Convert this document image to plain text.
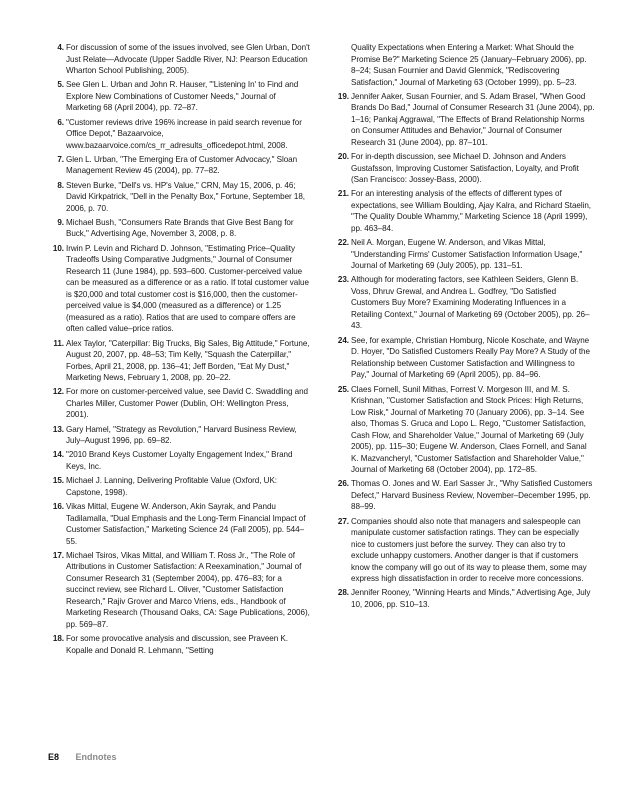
4. For discussion of some of the issues involved, see Glen Urban, Don't Just Relate—Advocate (Upper Saddle River, NJ: Pearson Education Wharton School Publishing, 2005).
5. See Glen L. Urban and John R. Hauser, "'Listening In' to Find and Explore New Combinations of Customer Needs," Journal of Marketing 68 (April 2004), pp. 72–87.
6. "Customer reviews drive 196% increase in paid search revenue for Office Depot," Bazaarvoice, www.bazaarvoice.com/cs_rr_adresults_officedepot.html, 2008.
7. Glen L. Urban, "The Emerging Era of Customer Advocacy," Sloan Management Review 45 (2004), pp. 77–82.
8. Steven Burke, "Dell's vs. HP's Value," CRN, May 15, 2006, p. 46; David Kirkpatrick, "Dell in the Penalty Box," Fortune, September 18, 2006, p. 70.
9. Michael Bush, "Consumers Rate Brands that Give Best Bang for Buck," Advertising Age, November 3, 2008, p. 8.
10. Irwin P. Levin and Richard D. Johnson, "Estimating Price–Quality Tradeoffs Using Comparative Judgments," Journal of Consumer Research 11 (June 1984), pp. 593–600. Customer-perceived value can be measured as a difference or as a ratio. If total customer value is $20,000 and total customer cost is $16,000, then the customer-perceived value is $4,000 (measured as a difference) or 1.25 (measured as a ratio). Ratios that are used to compare offers are often called value–price ratios.
11. Alex Taylor, "Caterpillar: Big Trucks, Big Sales, Big Attitude," Fortune, August 20, 2007, pp. 48–53; Tim Kelly, "Squash the Caterpillar," Forbes, April 21, 2008, pp. 136–41; Jeff Borden, "Eat My Dust," Marketing News, February 1, 2008, pp. 20–22.
12. For more on customer-perceived value, see David C. Swaddling and Charles Miller, Customer Power (Dublin, OH: Wellington Press, 2001).
13. Gary Hamel, "Strategy as Revolution," Harvard Business Review, July–August 1996, pp. 69–82.
14. "2010 Brand Keys Customer Loyalty Engagement Index," Brand Keys, Inc.
15. Michael J. Lanning, Delivering Profitable Value (Oxford, UK: Capstone, 1998).
16. Vikas Mittal, Eugene W. Anderson, Akin Sayrak, and Pandu Tadilamalla, "Dual Emphasis and the Long-Term Financial Impact of Customer Satisfaction," Marketing Science 24 (Fall 2005), pp. 544–55.
17. Michael Tsiros, Vikas Mittal, and William T. Ross Jr., "The Role of Attributions in Customer Satisfaction: A Reexamination," Journal of Consumer Research 31 (September 2004), pp. 476–83; for a succinct review, see Richard L. Oliver, "Customer Satisfaction Research," Rajiv Grover and Marco Vriens, eds., Handbook of Marketing Research (Thousand Oaks, CA: Sage Publications, 2006), pp. 569–87.
18. For some provocative analysis and discussion, see Praveen K. Kopalle and Donald R. Lehmann, "Setting
Quality Expectations when Entering a Market: What Should the Promise Be?" Marketing Science 25 (January–February 2006), pp. 8–24; Susan Fournier and David Glenmick, "Rediscovering Satisfaction," Journal of Marketing 63 (October 1999), pp. 5–23.
19. Jennifer Aaker, Susan Fournier, and S. Adam Brasel, "When Good Brands Do Bad," Journal of Consumer Research 31 (June 2004), pp. 1–16; Pankaj Aggrawal, "The Effects of Brand Relationship Norms on Consumer Attitudes and Behavior," Journal of Consumer Research 31 (June 2004), pp. 87–101.
20. For in-depth discussion, see Michael D. Johnson and Anders Gustafsson, Improving Customer Satisfaction, Loyalty, and Profit (San Francisco: Jossey-Bass, 2000).
21. For an interesting analysis of the effects of different types of expectations, see William Boulding, Ajay Kalra, and Richard Staelin, "The Quality Double Whammy," Marketing Science 18 (April 1999), pp. 463–84.
22. Neil A. Morgan, Eugene W. Anderson, and Vikas Mittal, "Understanding Firms' Customer Satisfaction Information Usage," Journal of Marketing 69 (July 2005), pp. 131–51.
23. Although for moderating factors, see Kathleen Seiders, Glenn B. Voss, Dhruv Grewal, and Andrea L. Godfrey, "Do Satisfied Customers Buy More? Examining Moderating Influences in a Retailing Context," Journal of Marketing 69 (October 2005), pp. 26–43.
24. See, for example, Christian Homburg, Nicole Koschate, and Wayne D. Hoyer, "Do Satisfied Customers Really Pay More? A Study of the Relationship between Customer Satisfaction and Willingness to Pay," Journal of Marketing 69 (April 2005), pp. 84–96.
25. Claes Fornell, Sunil Mithas, Forrest V. Morgeson III, and M. S. Krishnan, "Customer Satisfaction and Stock Prices: High Returns, Low Risk," Journal of Marketing 70 (January 2006), pp. 3–14. See also, Thomas S. Gruca and Lopo L. Rego, "Customer Satisfaction, Cash Flow, and Shareholder Value," Journal of Marketing 69 (July 2005), pp. 115–30; Eugene W. Anderson, Claes Fornell, and Sanal K. Mazvancheryl, "Customer Satisfaction and Shareholder Value," Journal of Marketing 68 (October 2004), pp. 172–85.
26. Thomas O. Jones and W. Earl Sasser Jr., "Why Satisfied Customers Defect," Harvard Business Review, November–December 1995, pp. 88–99.
27. Companies should also note that managers and salespeople can manipulate customer satisfaction ratings. They can be especially nice to customers just before the survey. They can also try to exclude unhappy customers. Another danger is that if customers know the company will go out of its way to please them, some may express high dissatisfaction in order to receive more concessions.
28. Jennifer Rooney, "Winning Hearts and Minds," Advertising Age, July 10, 2006, pp. S10–13.
E8 Endnotes
